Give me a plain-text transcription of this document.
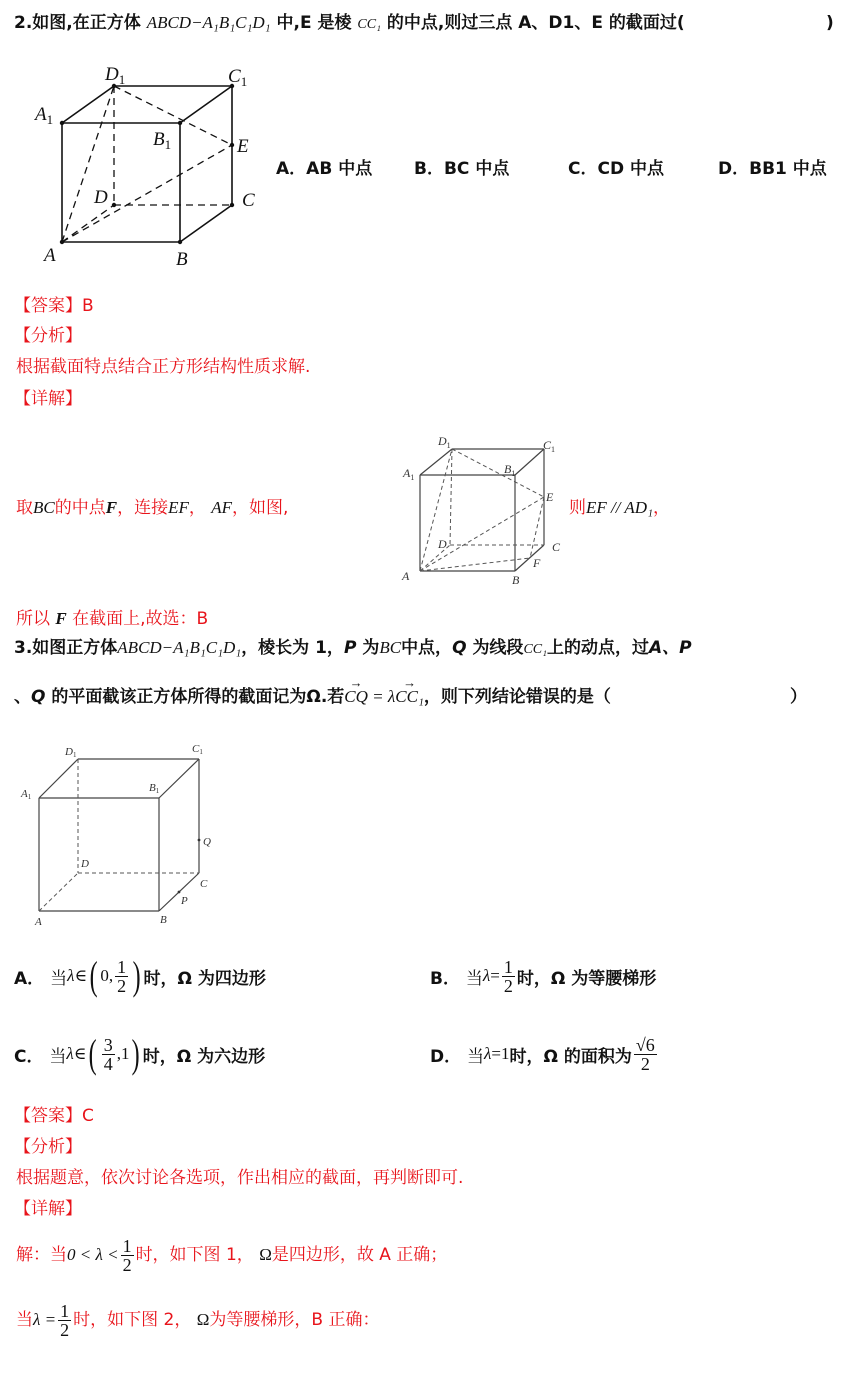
2.如图,在正方体 ABCD−A₁B₁C₁D₁ 中,E 是棱 CC₁ 的中点,则过三点 A、D1、E 的截面过(	)
$D_1$	$C_1$
$A_1$
$B_1$	E
D	C
A	B
A．AB 中点 B．BC 中点	C．CD 中点	D．BB1 中点
【答案】B
【分析】
根据截面特点结合正方形结构性质求解.
【详解】
取BC的中点F，连接EF， AF，如图,
$D_1$	$C_1$
$A_1$
$B_1$
E
D	C
F
A	B
则EF // AD₁，
所以 F 在截面上,故选：B
3.如图正方体ABCD−A₁B₁C₁D₁，棱长为 1，P 为BC中点，Q 为线段CC₁上的动点，过A、P
、Q 的平面截该正方体所得的截面记为Ω.若→ CQ = λ→ CC₁，则下列结论错误的是（	）
D1	C1
A1
B1
Q
D
C
P
A	B
A．
当 λ ∈ ( 0, $\frac{1}{2}$ ) 时，Ω 为四边形	B．
当 $\lambda = \frac{1}{2}$ 时，Ω 为等腰梯形
C．
当 λ ∈ ( $\frac{3}{4} ,1$ ) 时，Ω 为六边形	D．
当 λ =1 时，Ω 的面积为 $\frac{√6}{2}$
【答案】C
【分析】
根据题意，依次讨论各选项，作出相应的截面，再判断即可.
【详解】
解：当 $0 < \lambda < \frac{1}{2}$ 时，如下图 1，
Ω 是四边形，故 A 正确；
当 $\lambda = \frac{1}{2}$ 时，如下图 2，
Ω 为等腰梯形，B 正确：
